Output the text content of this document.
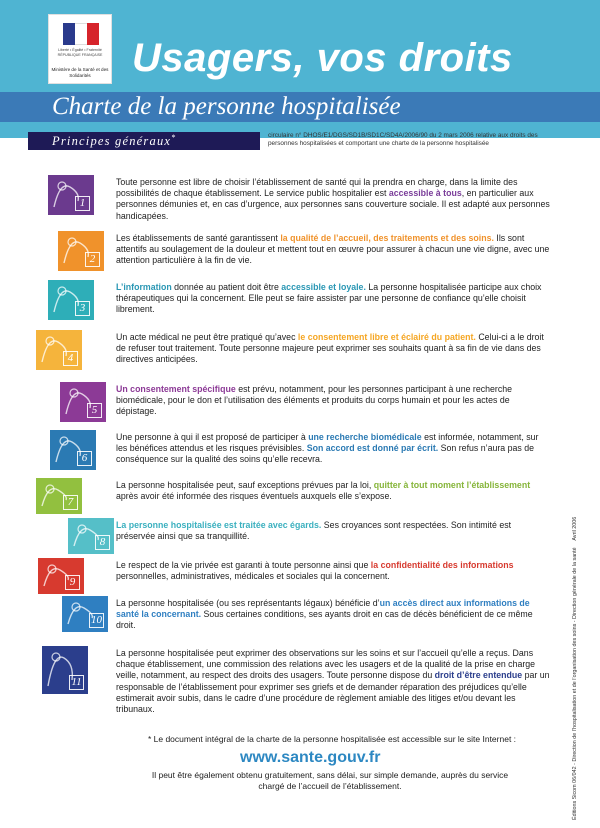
Liberté • Égalité • Fraternité
RÉPUBLIQUE FRANÇAISE
Ministère de la Santé et des Solidarités	Usagers, vos droits
Charte de la personne hospitalisée
Principes généraux*	circulaire n° DHOS/E1/DGS/SD1B/SD1C/SD4A/2006/90 du 2 mars 2006 relative aux droits des personnes hospitalisées et comportant une charte de la personne hospitalisée
1
Toute personne est libre de choisir l’établissement de santé qui la prendra en charge, dans la limite des possibilités de chaque établissement. Le service public hospitalier est accessible à tous, en particulier aux personnes démunies et, en cas d’urgence, aux personnes sans couverture sociale. Il est adapté aux personnes handicapées.
2
Les établissements de santé garantissent la qualité de l’accueil, des traitements et des soins. Ils sont attentifs au soulagement de la douleur et mettent tout en œuvre pour assurer à chacun une vie digne, avec une attention particulière à la fin de vie.
3
L’information donnée au patient doit être accessible et loyale. La personne hospitalisée participe aux choix thérapeutiques qui la concernent. Elle peut se faire assister par une personne de confiance qu’elle choisit librement.
4
Un acte médical ne peut être pratiqué qu’avec le consentement libre et éclairé du patient. Celui-ci a le droit de refuser tout traitement. Toute personne majeure peut exprimer ses souhaits quant à sa fin de vie dans des directives anticipées.
5
Un consentement spécifique est prévu, notamment, pour les personnes participant à une recherche biomédicale, pour le don et l’utilisation des éléments et produits du corps humain et pour les actes de dépistage.
6
Une personne à qui il est proposé de participer à une recherche biomédicale est informée, notamment, sur les bénéfices attendus et les risques prévisibles. Son accord est donné par écrit. Son refus n’aura pas de conséquence sur la qualité des soins qu’elle recevra.
7
La personne hospitalisée peut, sauf exceptions prévues par la loi, quitter à tout moment l’établissement après avoir été informée des risques éventuels auxquels elle s’expose.
8
La personne hospitalisée est traitée avec égards. Ses croyances sont respectées. Son intimité est préservée ainsi que sa tranquillité.
9
Le respect de la vie privée est garanti à toute personne ainsi que la confidentialité des informations personnelles, administratives, médicales et sociales qui la concernent.
10
La personne hospitalisée (ou ses représentants légaux) bénéficie d’un accès direct aux informations de santé la concernant. Sous certaines conditions, ses ayants droit en cas de décès bénéficient de ce même droit.
11
La personne hospitalisée peut exprimer des observations sur les soins et sur l’accueil qu’elle a reçus. Dans chaque établissement, une commission des relations avec les usagers et de la qualité de la prise en charge veille, notamment, au respect des droits des usagers. Toute personne dispose du droit d’être entendue par un responsable de l’établissement pour exprimer ses griefs et de demander réparation des préjudices qu’elle estimerait avoir subis, dans le cadre d’une procédure de règlement amiable des litiges et/ou devant les tribunaux.
* Le document intégral de la charte de la personne hospitalisée est accessible sur le site Internet :
www.sante.gouv.fr
Il peut être également obtenu gratuitement, sans délai, sur simple demande, auprès du service chargé de l’accueil de l’établissement.	Éditions Sicom 06/042 - Direction de l’hospitalisation et de l’organisation des soins - Direction générale de la santé  Avril 2006
